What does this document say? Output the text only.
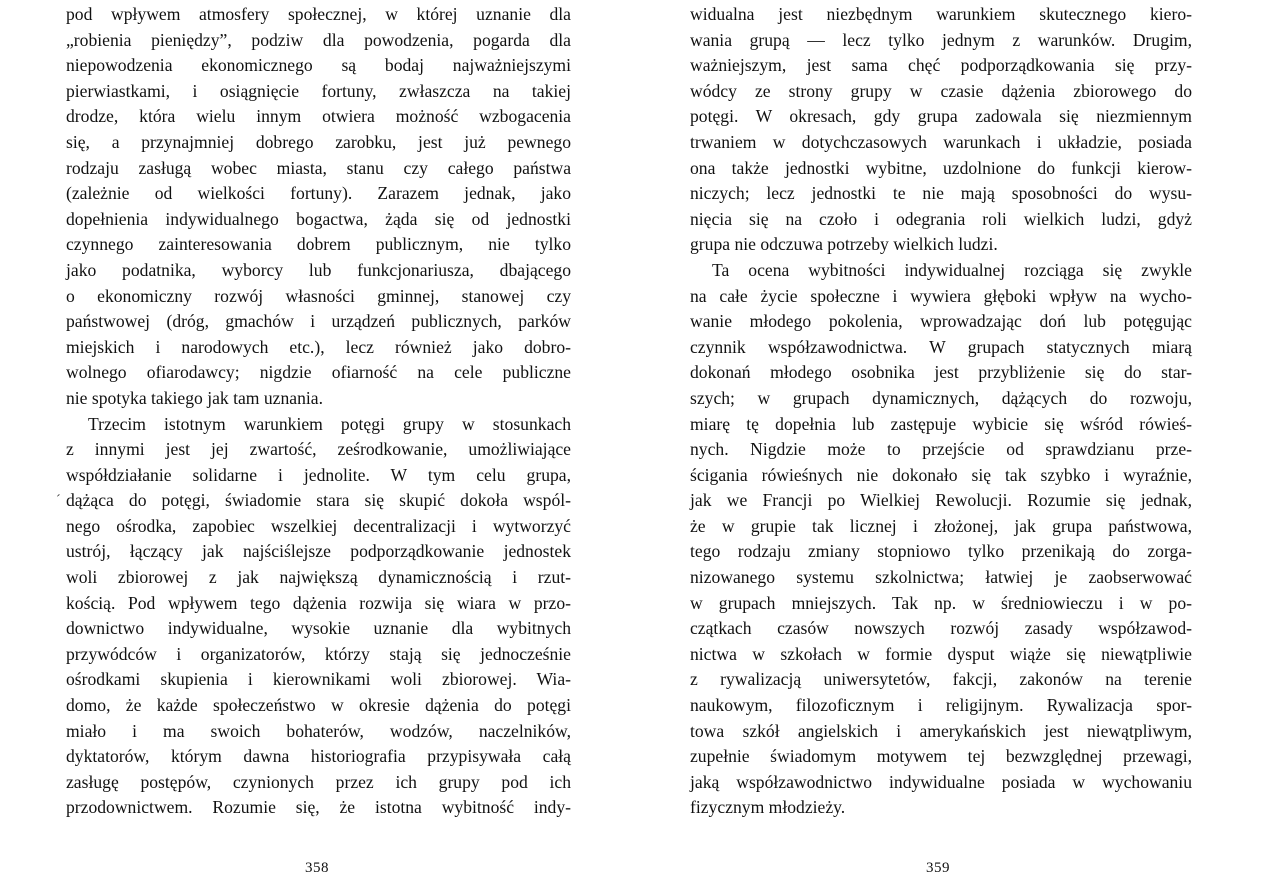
pod wpływem atmosfery społecznej, w której uznanie dla
„robienia pieniędzy”, podziw dla powodzenia, pogarda dla
niepowodzenia ekonomicznego są bodaj najważniejszymi
pierwiastkami, i osiągnięcie fortuny, zwłaszcza na takiej
drodze, która wielu innym otwiera możność wzbogacenia
się, a przynajmniej dobrego zarobku, jest już pewnego
rodzaju zasługą wobec miasta, stanu czy całego państwa
(zależnie od wielkości fortuny). Zarazem jednak, jako
dopełnienia indywidualnego bogactwa, żąda się od jednostki
czynnego zainteresowania dobrem publicznym, nie tylko
jako podatnika, wyborcy lub funkcjonariusza, dbającego
o ekonomiczny rozwój własności gminnej, stanowej czy
państwowej (dróg, gmachów i urządzeń publicznych, parków
miejskich i narodowych etc.), lecz również jako dobro-
wolnego ofiarodawcy; nigdzie ofiarność na cele publiczne
nie spotyka takiego jak tam uznania.
Trzecim istotnym warunkiem potęgi grupy w stosunkach
z innymi jest jej zwartość, ześrodkowanie, umożliwiające
współdziałanie solidarne i jednolite. W tym celu grupa,
dążąca do potęgi, świadomie stara się skupić dokoła wspól-
nego ośrodka, zapobiec wszelkiej decentralizacji i wytworzyć
ustrój, łączący jak najściślejsze podporządkowanie jednostek
woli zbiorowej z jak największą dynamicznością i rzut-
kością. Pod wpływem tego dążenia rozwija się wiara w przo-
downictwo indywidualne, wysokie uznanie dla wybitnych
przywódców i organizatorów, którzy stają się jednocześnie
ośrodkami skupienia i kierownikami woli zbiorowej. Wia-
domo, że każde społeczeństwo w okresie dążenia do potęgi
miało i ma swoich bohaterów, wodzów, naczelników,
dyktatorów, którym dawna historiografia przypisywała całą
zasługę postępów, czynionych przez ich grupy pod ich
przodownictwem. Rozumie się, że istotna wybitność indy-
´
358
widualna jest niezbędnym warunkiem skutecznego kiero-
wania grupą — lecz tylko jednym z warunków. Drugim,
ważniejszym, jest sama chęć podporządkowania się przy-
wódcy ze strony grupy w czasie dążenia zbiorowego do
potęgi. W okresach, gdy grupa zadowala się niezmiennym
trwaniem w dotychczasowych warunkach i układzie, posiada
ona także jednostki wybitne, uzdolnione do funkcji kierow-
niczych; lecz jednostki te nie mają sposobności do wysu-
nięcia się na czoło i odegrania roli wielkich ludzi, gdyż
grupa nie odczuwa potrzeby wielkich ludzi.
Ta ocena wybitności indywidualnej rozciąga się zwykle
na całe życie społeczne i wywiera głęboki wpływ na wycho-
wanie młodego pokolenia, wprowadzając doń lub potęgując
czynnik współzawodnictwa. W grupach statycznych miarą
dokonań młodego osobnika jest przybliżenie się do star-
szych; w grupach dynamicznych, dążących do rozwoju,
miarę tę dopełnia lub zastępuje wybicie się wśród rówieś-
nych. Nigdzie może to przejście od sprawdzianu prze-
ścigania rówieśnych nie dokonało się tak szybko i wyraźnie,
jak we Francji po Wielkiej Rewolucji. Rozumie się jednak,
że w grupie tak licznej i złożonej, jak grupa państwowa,
tego rodzaju zmiany stopniowo tylko przenikają do zorga-
nizowanego systemu szkolnictwa; łatwiej je zaobserwować
w grupach mniejszych. Tak np. w średniowieczu i w po-
czątkach czasów nowszych rozwój zasady współzawod-
nictwa w szkołach w formie dysput wiąże się niewątpliwie
z rywalizacją uniwersytetów, fakcji, zakonów na terenie
naukowym, filozoficznym i religijnym. Rywalizacja spor-
towa szkół angielskich i amerykańskich jest niewątpliwym,
zupełnie świadomym motywem tej bezwzględnej przewagi,
jaką współzawodnictwo indywidualne posiada w wychowaniu
fizycznym młodzieży.
359
